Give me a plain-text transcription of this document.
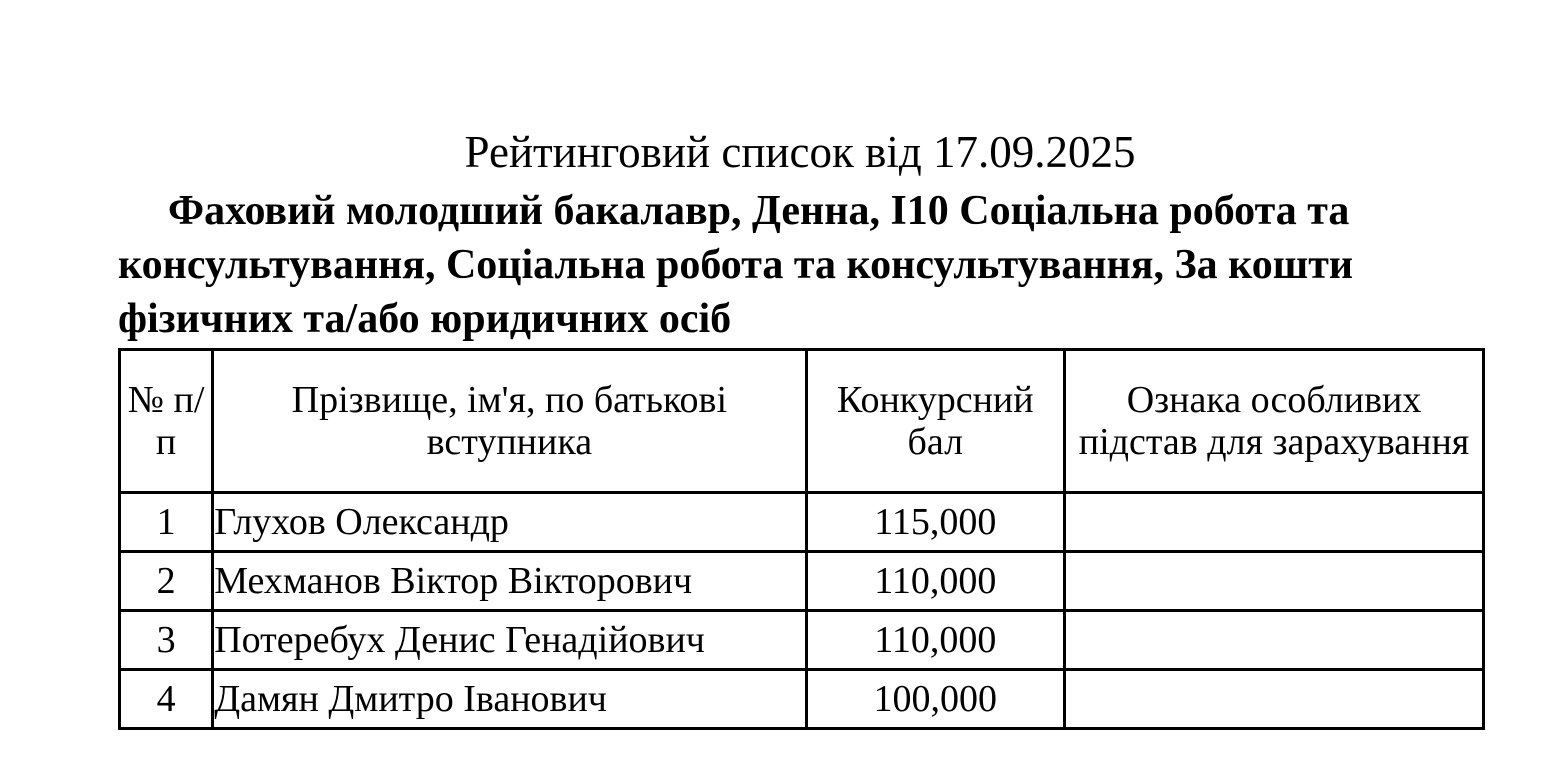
Рейтинговий список від 17.09.2025

Фаховий молодший бакалавр, Денна, І10 Соціальна робота та консультування, Соціальна робота та консультування, За кошти фізичних та/або юридичних осіб

№ п/п	Прізвище, ім'я, по батькові вступника	Конкурсний бал	Ознака особливих підстав для зарахування
1	Глухов Олександр	115,000	
2	Мехманов Віктор Вікторович	110,000	
3	Потеребух Денис Генадійович	110,000	
4	Дамян Дмитро Іванович	100,000	
